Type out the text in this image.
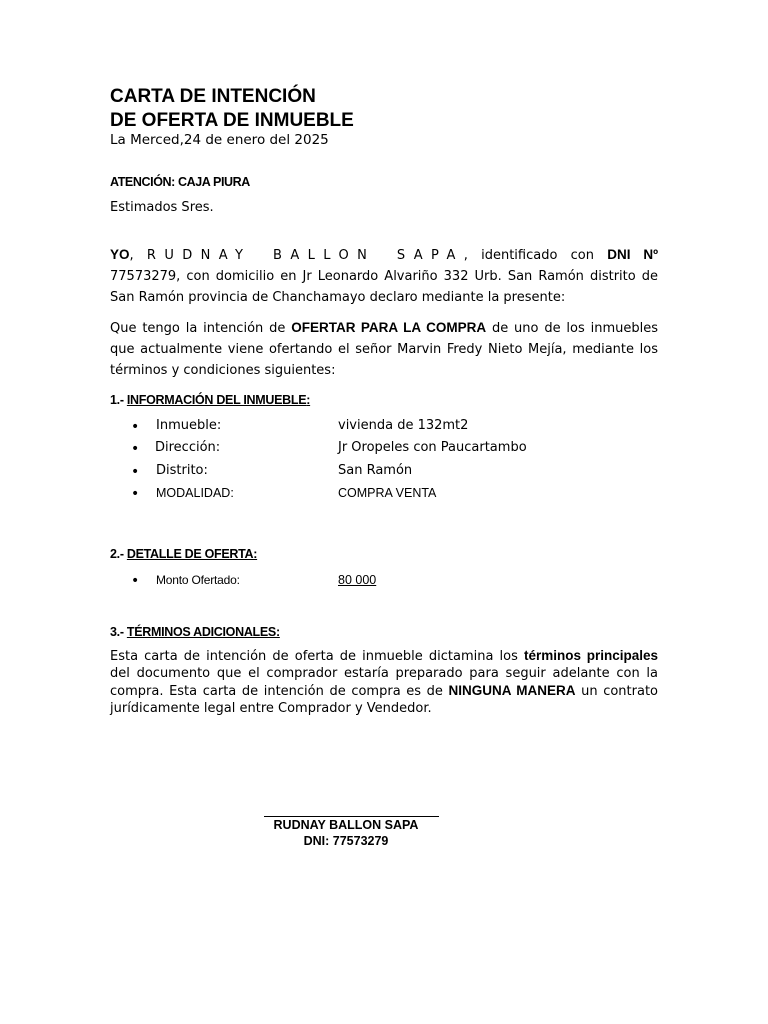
CARTA DE INTENCIÓN

DE OFERTA DE INMUEBLE

La Merced,24 de enero del 2025

ATENCIÓN: CAJA PIURA

Estimados Sres.

YO, RUDNAY BALLON SAPA, identificado con DNI Nº 77573279, con domicilio en Jr Leonardo Alvariño 332 Urb. San Ramón distrito de San Ramón provincia de Chanchamayo declaro mediante la presente:

Que tengo la intención de OFERTAR PARA LA COMPRA de uno de los inmuebles que actualmente viene ofertando el señor Marvin Fredy Nieto Mejía, mediante los términos y condiciones siguientes:

1.- INFORMACIÓN DEL INMUEBLE:

• Inmueble:	vivienda de 132mt2

• Dirección:	Jr Oropeles con Paucartambo

• Distrito:	San Ramón

• MODALIDAD:	COMPRA VENTA

2.- DETALLE DE OFERTA:

• Monto Ofertado:	80 000

3.- TÉRMINOS ADICIONALES:

Esta carta de intención de oferta de inmueble dictamina los términos principales del documento que el comprador estaría preparado para seguir adelante con la compra. Esta carta de intención de compra es de NINGUNA MANERA un contrato jurídicamente legal entre Comprador y Vendedor.

RUDNAY BALLON SAPA

DNI: 77573279
